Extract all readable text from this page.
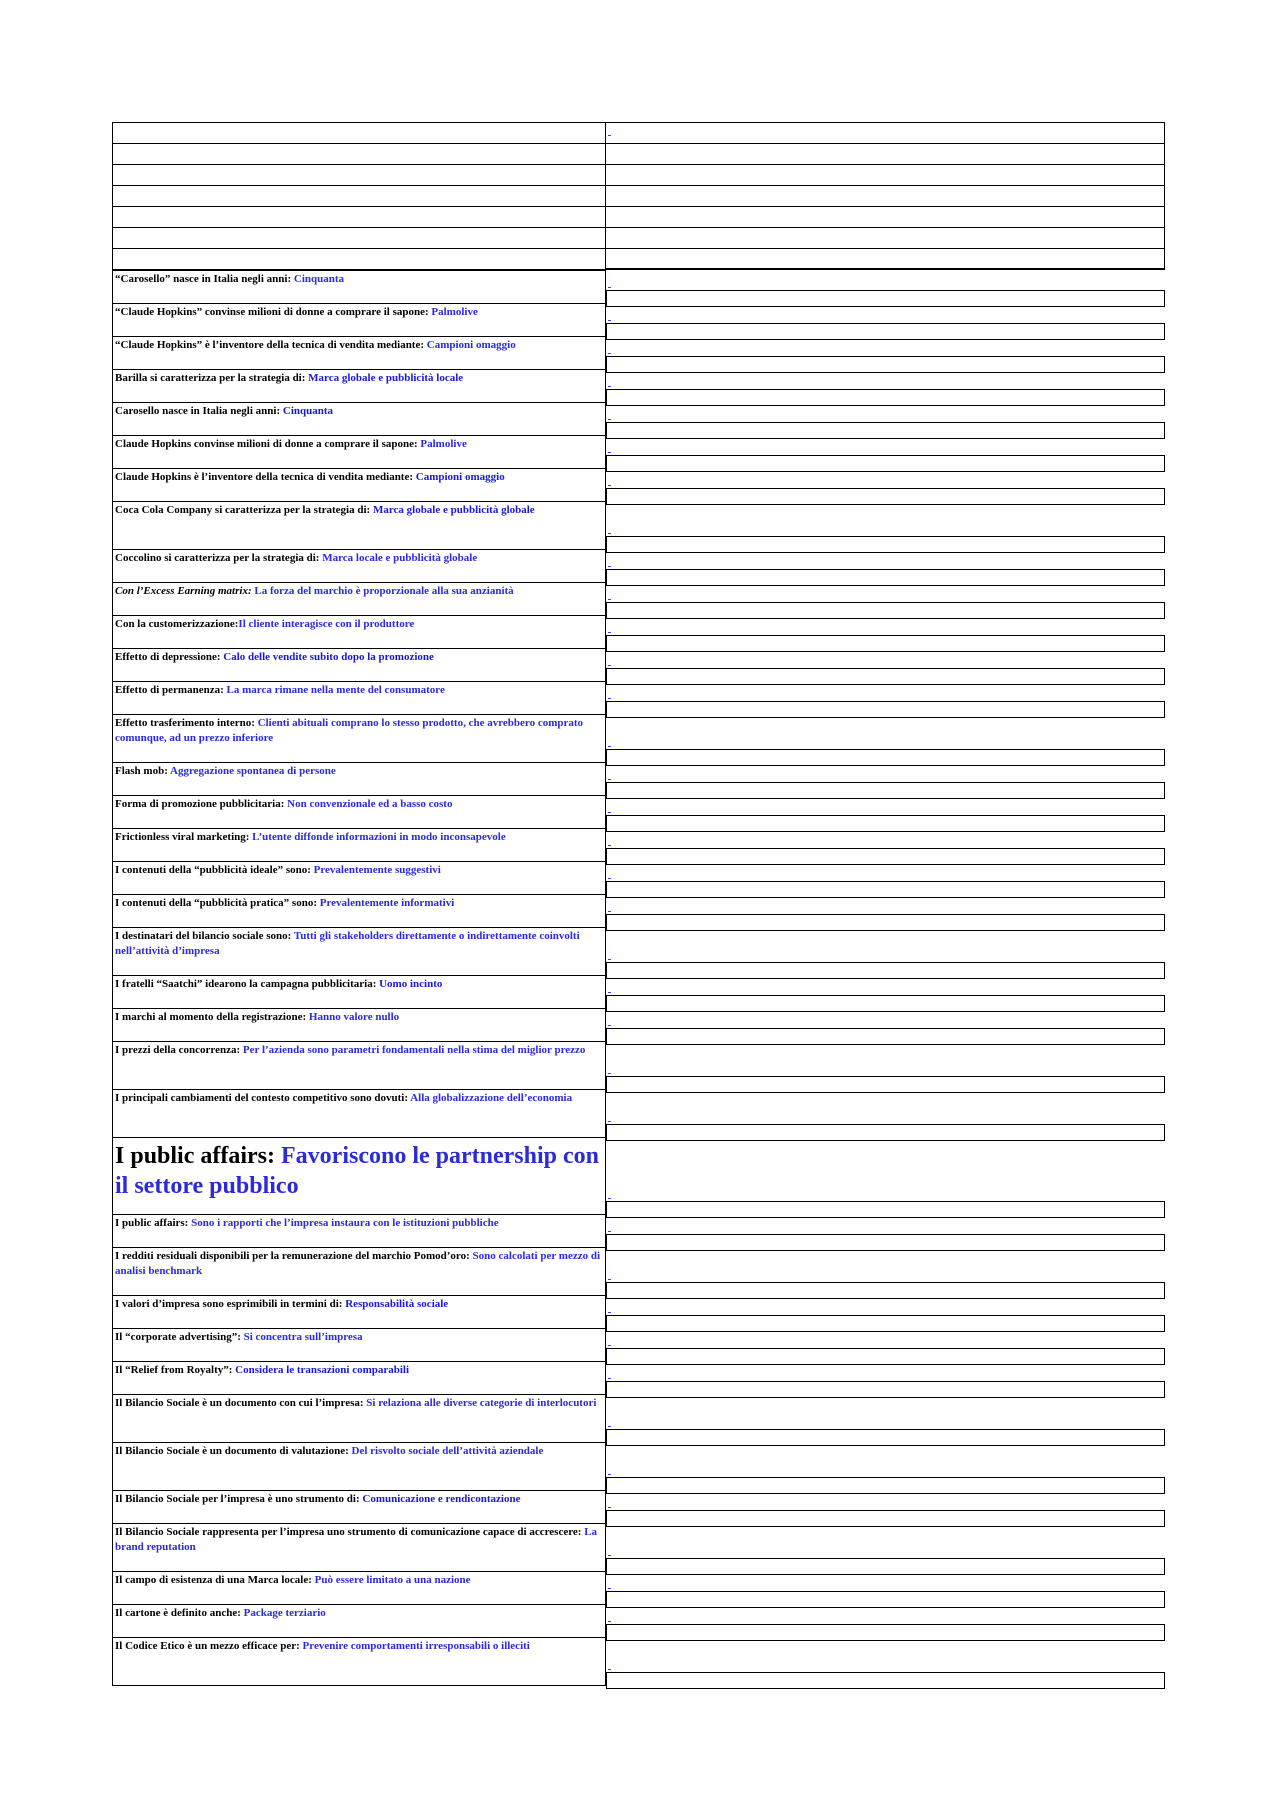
“Carosello” nasce in Italia negli anni: Cinquanta
“Claude Hopkins” convinse milioni di donne a comprare il sapone: Palmolive
“Claude Hopkins” è l’inventore della tecnica di vendita mediante: Campioni omaggio
Barilla si caratterizza per la strategia di: Marca globale e pubblicità locale
Carosello nasce in Italia negli anni: Cinquanta
Claude Hopkins convinse milioni di donne a comprare il sapone: Palmolive
Claude Hopkins è l’inventore della tecnica di vendita mediante: Campioni omaggio
Coca Cola Company si caratterizza per la strategia di: Marca globale e pubblicità globale
Coccolino si caratterizza per la strategia di: Marca locale e pubblicità globale
Con l’Excess Earning matrix: La forza del marchio è proporzionale alla sua anzianità
Con la customerizzazione:Il cliente interagisce con il produttore
Effetto di depressione: Calo delle vendite subito dopo la promozione
Effetto di permanenza: La marca rimane nella mente del consumatore
Effetto trasferimento interno: Clienti abituali comprano lo stesso prodotto, che avrebbero comprato comunque, ad un prezzo inferiore
Flash mob: Aggregazione spontanea di persone
Forma di promozione pubblicitaria: Non convenzionale ed a basso costo
Frictionless viral marketing: L’utente diffonde informazioni in modo inconsapevole
I contenuti della “pubblicità ideale” sono: Prevalentemente suggestivi
I contenuti della “pubblicità pratica” sono: Prevalentemente informativi
I destinatari del bilancio sociale sono: Tutti gli stakeholders direttamente o indirettamente coinvolti nell’attività d’impresa
I fratelli “Saatchi” idearono la campagna pubblicitaria: Uomo incinto
I marchi al momento della registrazione: Hanno valore nullo
I prezzi della concorrenza: Per l’azienda sono parametri fondamentali nella stima del miglior prezzo
I principali cambiamenti del contesto competitivo sono dovuti: Alla globalizzazione dell’economia
I public affairs: Favoriscono le partnership con il settore pubblico
I public affairs: Sono i rapporti che l’impresa instaura con le istituzioni pubbliche
I redditi residuali disponibili per la remunerazione del marchio Pomod’oro: Sono calcolati per mezzo di analisi benchmark
I valori d’impresa sono esprimibili in termini di: Responsabilità sociale
Il “corporate advertising”: Si concentra sull’impresa
Il “Relief from Royalty”: Considera le transazioni comparabili
Il Bilancio Sociale è un documento con cui l’impresa: Si relaziona alle diverse categorie di interlocutori
Il Bilancio Sociale è un documento di valutazione: Del risvolto sociale dell’attività aziendale
Il Bilancio Sociale per l’impresa è uno strumento di: Comunicazione e rendicontazione
Il Bilancio Sociale rappresenta per l’impresa uno strumento di comunicazione capace di accrescere: La brand reputation
Il campo di esistenza di una Marca locale: Può essere limitato a una nazione
Il cartone è definito anche: Package terziario
Il Codice Etico è un mezzo efficace per: Prevenire comportamenti irresponsabili o illeciti
